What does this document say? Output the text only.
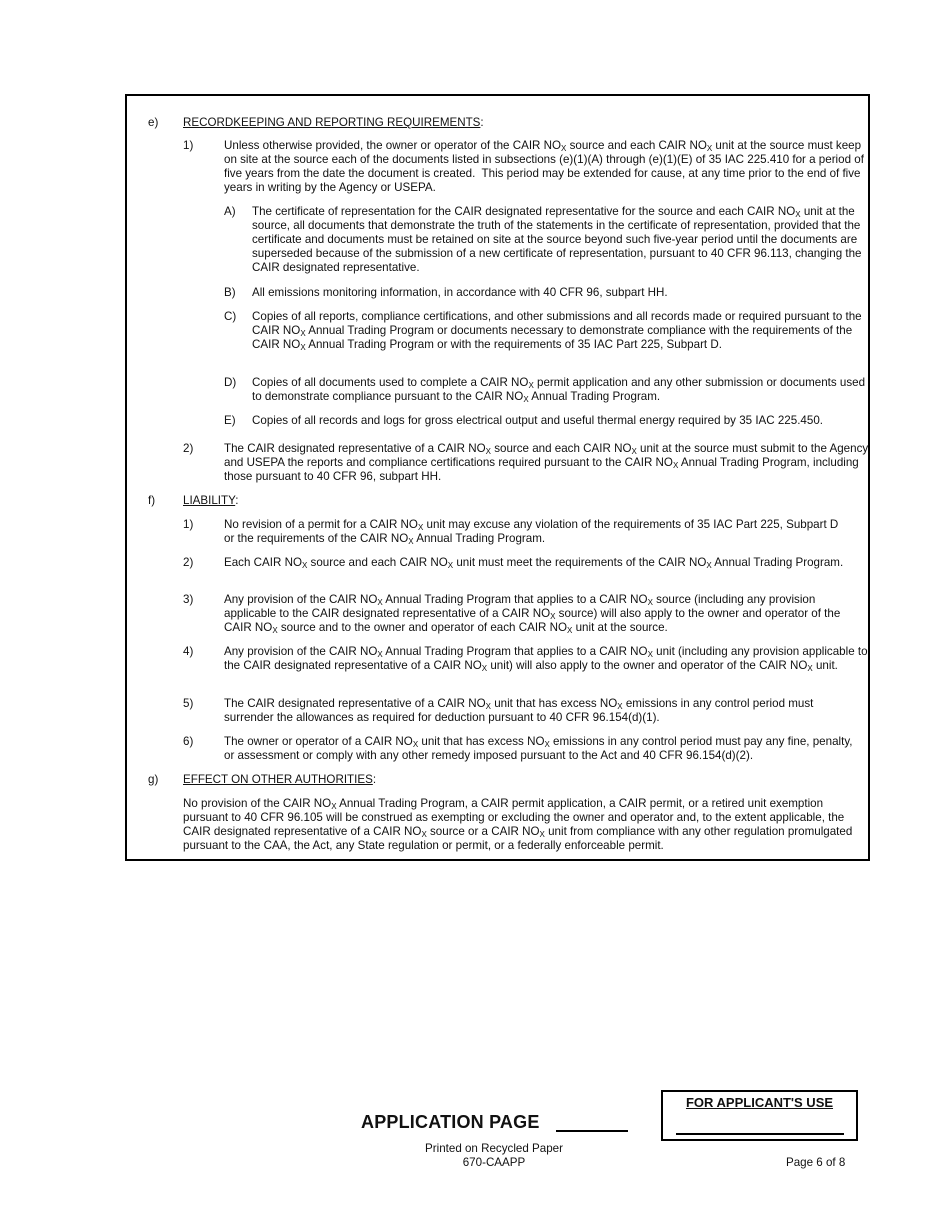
e) RECORDKEEPING AND REPORTING REQUIREMENTS:
1)	Unless otherwise provided, the owner or operator of the CAIR $NO_X$ source and each CAIR $NO_X$ unit at the source must keep on site at the source each of the documents listed in subsections (e)(1)(A) through (e)(1)(E) of 35 IAC 225.410 for a period of five years from the date the document is created.  This period may be extended for cause, at any time prior to the end of five years in writing by the Agency or USEPA.
A) The certificate of representation for the CAIR designated representative for the source and each CAIR $NO_X$ unit at the source, all documents that demonstrate the truth of the statements in the certificate of representation, provided that the certificate and documents must be retained on site at the source beyond such five-year period until the documents are superseded because of the submission of a new certificate of representation, pursuant to 40 CFR 96.113, changing the CAIR designated representative.
B) All emissions monitoring information, in accordance with 40 CFR 96, subpart HH.
C) Copies of all reports, compliance certifications, and other submissions and all records made or required pursuant to the CAIR $NO_X$ Annual Trading Program or documents necessary to demonstrate compliance with the requirements of the CAIR $NO_X$ Annual Trading Program or with the requirements of 35 IAC Part 225, Subpart D.
D) Copies of all documents used to complete a CAIR $NO_X$ permit application and any other submission or documents used to demonstrate compliance pursuant to the CAIR $NO_X$ Annual Trading Program.
E) Copies of all records and logs for gross electrical output and useful thermal energy required by 35 IAC 225.450.
2)	The CAIR designated representative of a CAIR $NO_X$ source and each CAIR $NO_X$ unit at the source must submit to the Agency and USEPA the reports and compliance certifications required pursuant to the CAIR $NO_X$ Annual Trading Program, including those pursuant to 40 CFR 96, subpart HH.
f) LIABILITY:
1)	No revision of a permit for a CAIR $NO_X$ unit may excuse any violation of the requirements of 35 IAC Part 225, Subpart D or the requirements of the CAIR $NO_X$ Annual Trading Program.
2)	Each CAIR $NO_X$ source and each CAIR $NO_X$ unit must meet the requirements of the CAIR $NO_X$ Annual Trading Program.
3)	Any provision of the CAIR $NO_X$ Annual Trading Program that applies to a CAIR $NO_X$ source (including any provision applicable to the CAIR designated representative of a CAIR $NO_X$ source) will also apply to the owner and operator of the CAIR $NO_X$ source and to the owner and operator of each CAIR $NO_X$ unit at the source.
4)	Any provision of the CAIR $NO_X$ Annual Trading Program that applies to a CAIR $NO_X$ unit (including any provision applicable to the CAIR designated representative of a CAIR $NO_X$ unit) will also apply to the owner and operator of the CAIR $NO_X$ unit.
5)	The CAIR designated representative of a CAIR $NO_X$ unit that has excess $NO_X$ emissions in any control period must surrender the allowances as required for deduction pursuant to 40 CFR 96.154(d)(1).
6)	The owner or operator of a CAIR $NO_X$ unit that has excess $NO_X$ emissions in any control period must pay any fine, penalty, or assessment or comply with any other remedy imposed pursuant to the Act and 40 CFR 96.154(d)(2).
g) EFFECT ON OTHER AUTHORITIES:
No provision of the CAIR $NO_X$ Annual Trading Program, a CAIR permit application, a CAIR permit, or a retired unit exemption pursuant to 40 CFR 96.105 will be construed as exempting or excluding the owner and operator and, to the extent applicable, the CAIR designated representative of a CAIR $NO_X$ source or a CAIR $NO_X$ unit from compliance with any other regulation promulgated pursuant to the CAA, the Act, any State regulation or permit, or a federally enforceable permit.
APPLICATION PAGE
FOR APPLICANT'S USE
Printed on Recycled Paper
670-CAAPP	Page 6 of 8
